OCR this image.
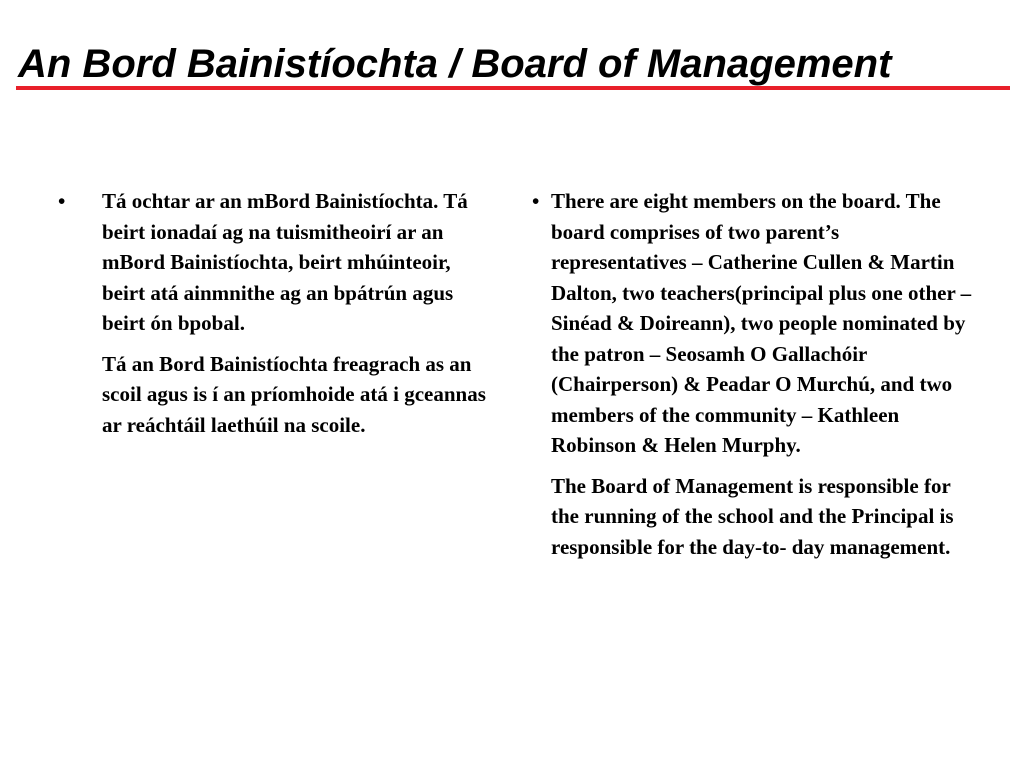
An Bord Bainistíochta / Board of Management
• Tá ochtar ar an mBord Bainistíochta. Tá beirt ionadaí ag na tuismitheoirí ar an mBord Bainistíochta, beirt mhúinteoir, beirt atá ainmnithe ag an bpátrún agus beirt ón bpobal.
Tá an Bord Bainistíochta freagrach as an scoil agus is í an príomhoide atá i gceannas ar reáchtáil laethúil na scoile.
• There are eight members on the board. The board comprises of two parent’s representatives – Catherine Cullen & Martin Dalton, two teachers(principal plus one other – Sinéad & Doireann), two people nominated by the patron – Seosamh O Gallachóir (Chairperson) & Peadar O Murchú, and two members of the community – Kathleen Robinson & Helen Murphy.
The Board of Management is responsible for the running of the school and the Principal is responsible for the day-to- day management.
